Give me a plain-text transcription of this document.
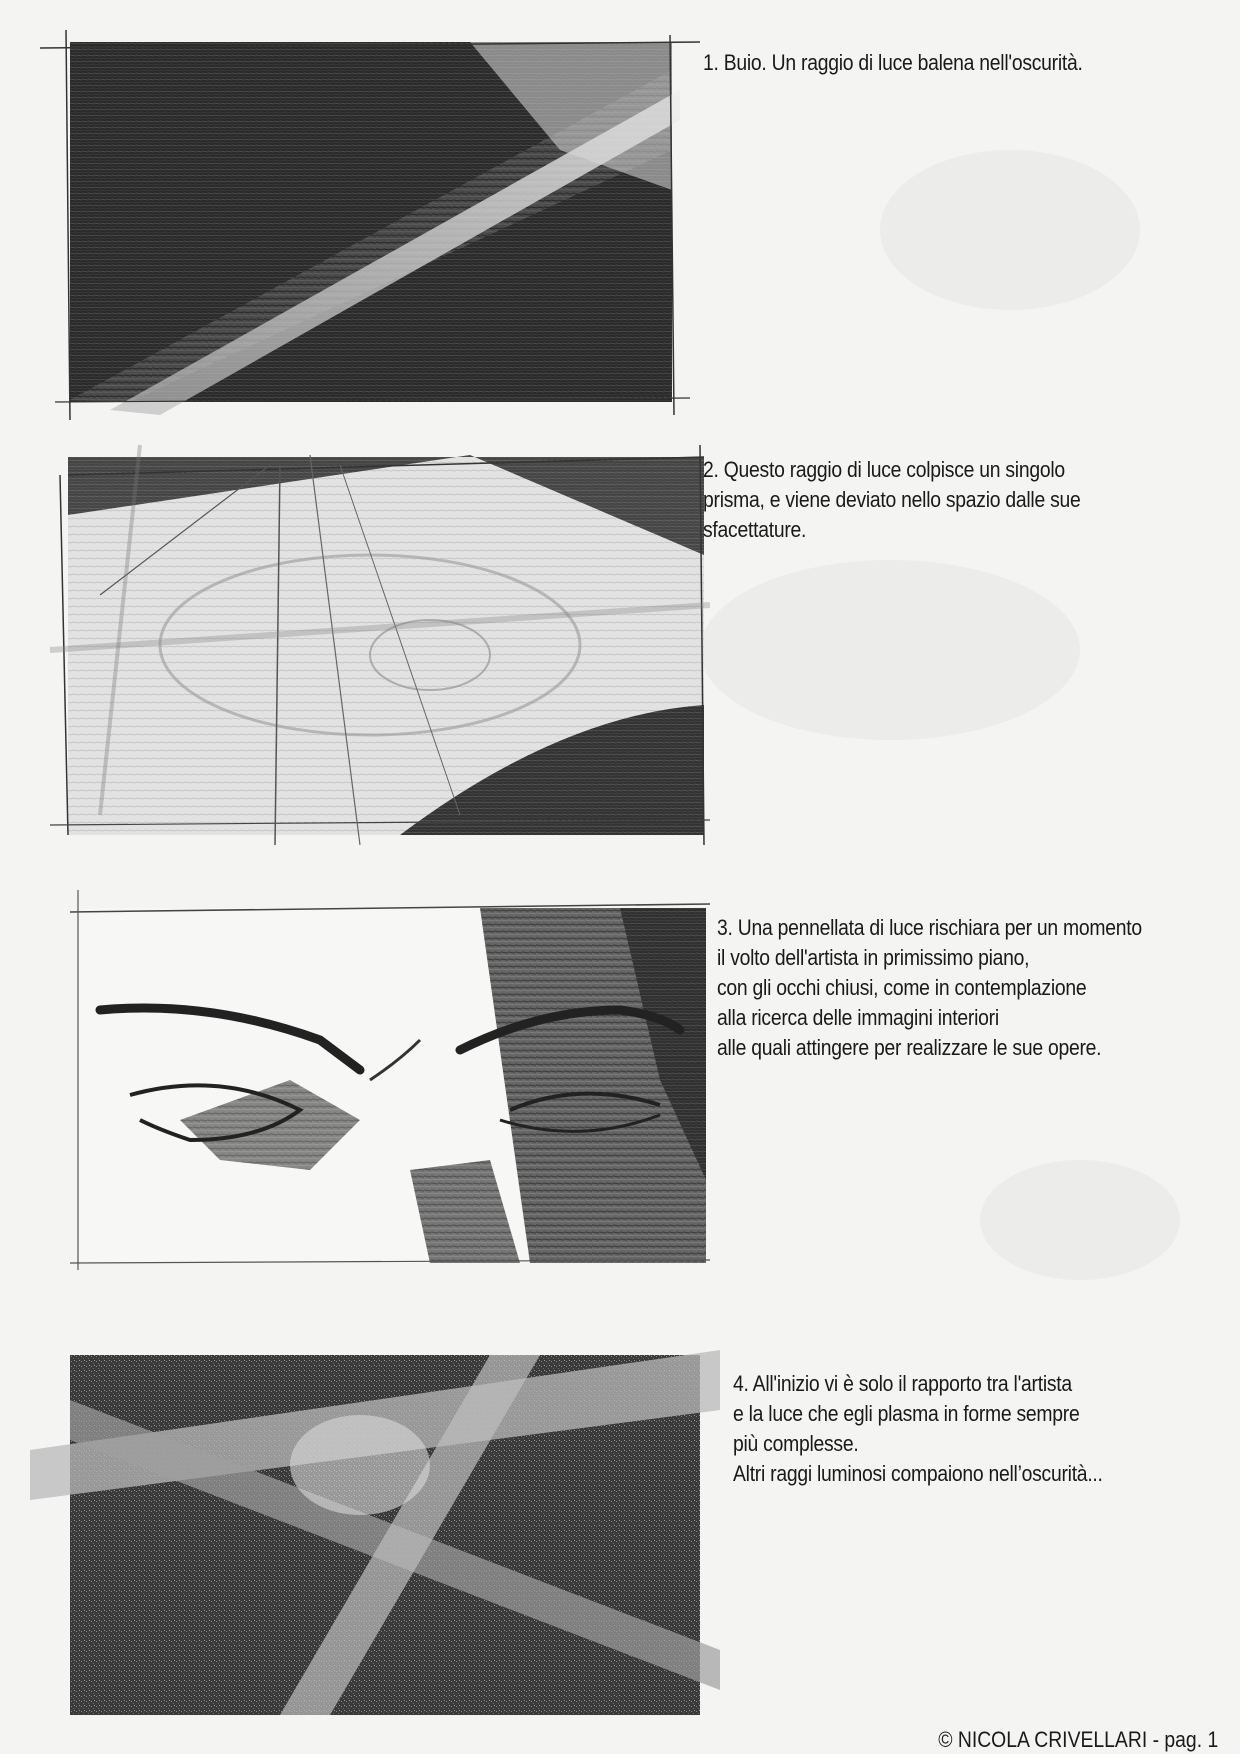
1. Buio. Un raggio di luce balena nell'oscurità.
2. Questo raggio di luce colpisce un singolo
prisma, e viene deviato nello spazio dalle sue
sfacettature.
3. Una pennellata di luce rischiara per un momento
il volto dell'artista in primissimo piano,
con gli occhi chiusi, come in contemplazione
alla ricerca delle immagini interiori
alle quali attingere per realizzare le sue opere.
4. All'inizio vi è solo il rapporto tra l'artista
e la luce che egli plasma in forme sempre
più complesse.
Altri raggi luminosi compaiono nell’oscurità...
© NICOLA CRIVELLARI - pag. 1
